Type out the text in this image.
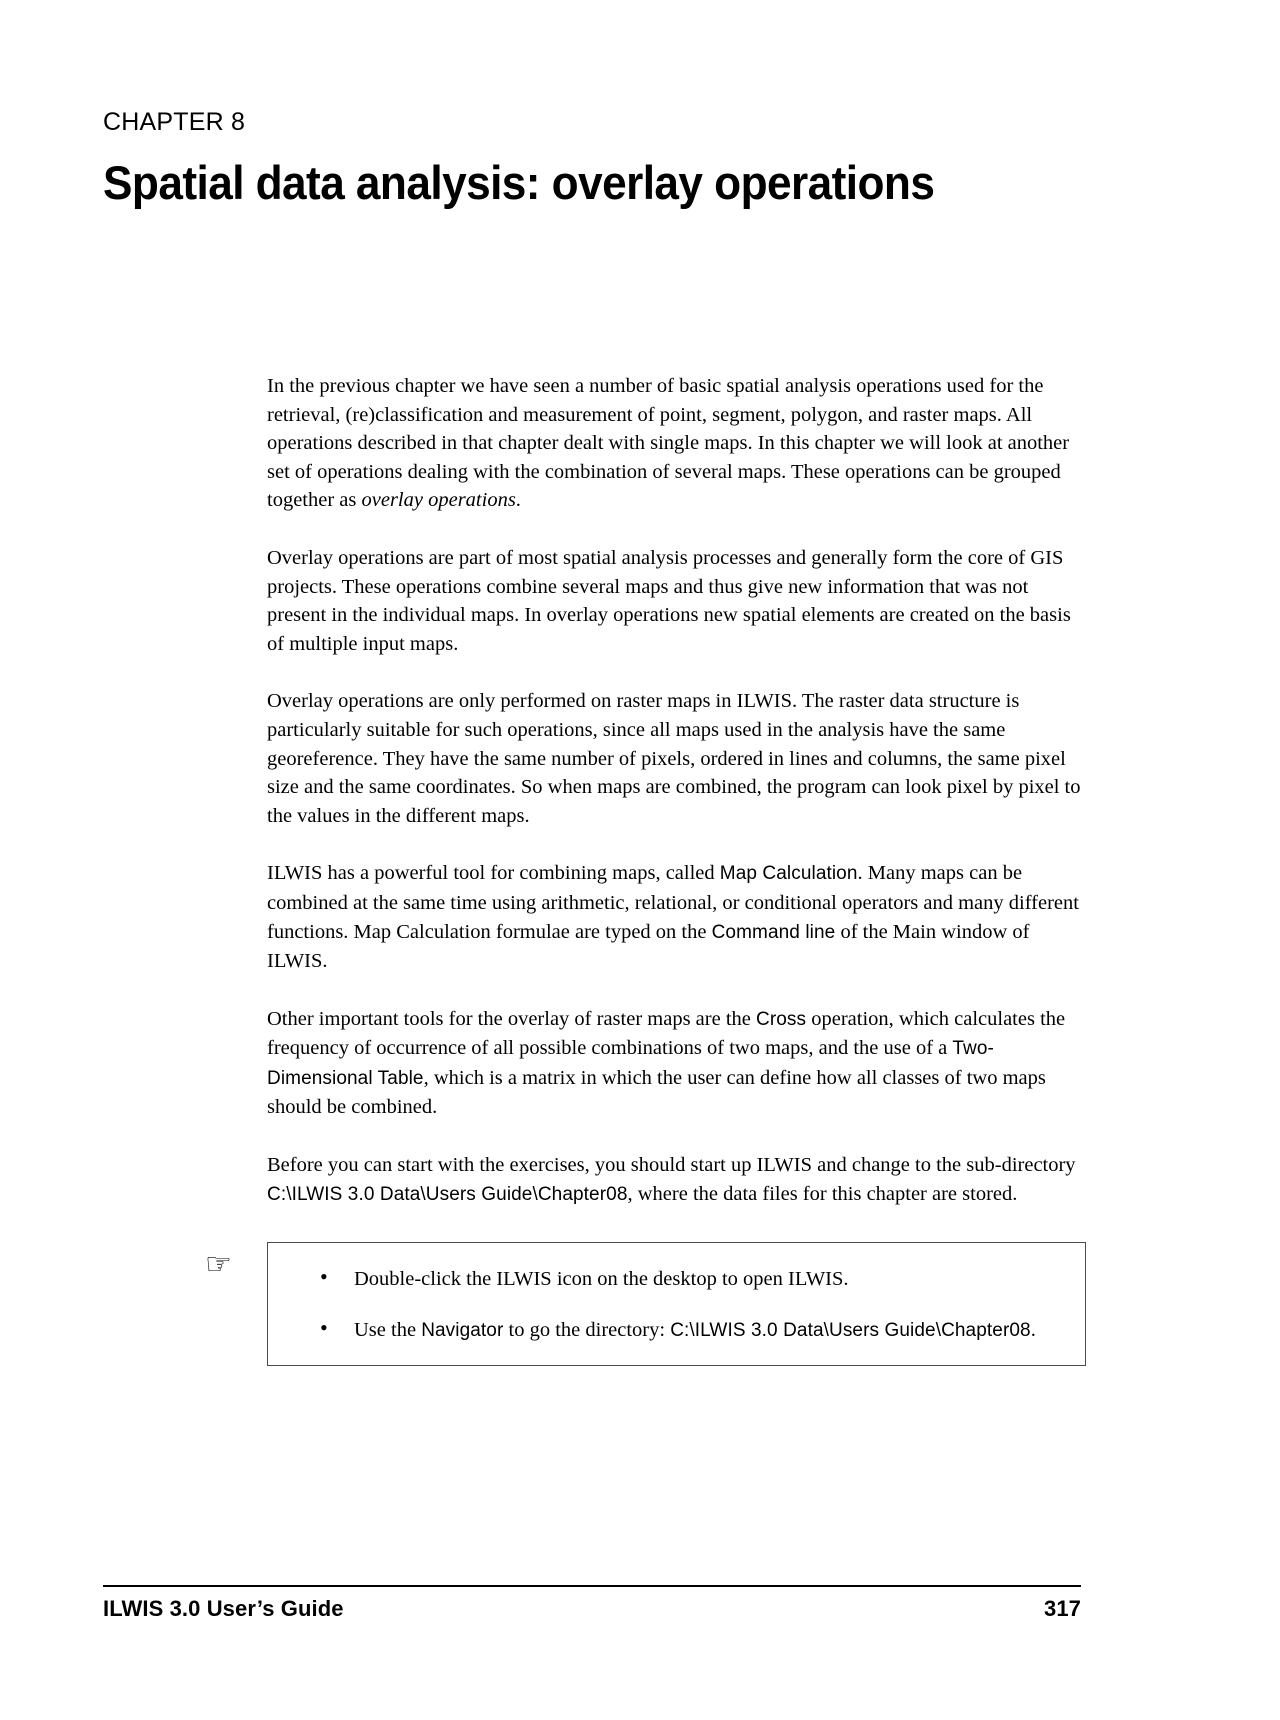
CHAPTER 8
Spatial data analysis: overlay operations

In the previous chapter we have seen a number of basic spatial analysis operations used for the retrieval, (re)classification and measurement of point, segment, polygon, and raster maps. All operations described in that chapter dealt with single maps. In this chapter we will look at another set of operations dealing with the combination of several maps. These operations can be grouped together as overlay operations.

Overlay operations are part of most spatial analysis processes and generally form the core of GIS projects. These operations combine several maps and thus give new information that was not present in the individual maps. In overlay operations new spatial elements are created on the basis of multiple input maps.

Overlay operations are only performed on raster maps in ILWIS. The raster data structure is particularly suitable for such operations, since all maps used in the analysis have the same georeference. They have the same number of pixels, ordered in lines and columns, the same pixel size and the same coordinates. So when maps are combined, the program can look pixel by pixel to the values in the different maps.

ILWIS has a powerful tool for combining maps, called Map Calculation. Many maps can be combined at the same time using arithmetic, relational, or conditional operators and many different functions. Map Calculation formulae are typed on the Command line of the Main window of ILWIS.

Other important tools for the overlay of raster maps are the Cross operation, which calculates the frequency of occurrence of all possible combinations of two maps, and the use of a Two-Dimensional Table, which is a matrix in which the user can define how all classes of two maps should be combined.

Before you can start with the exercises, you should start up ILWIS and change to the sub-directory C:\ILWIS 3.0 Data\Users Guide\Chapter08, where the data files for this chapter are stored.

☞	• Double-click the ILWIS icon on the desktop to open ILWIS.
• Use the Navigator to go the directory: C:\ILWIS 3.0 Data\Users Guide\Chapter08.
ILWIS 3.0 User’s Guide	317
